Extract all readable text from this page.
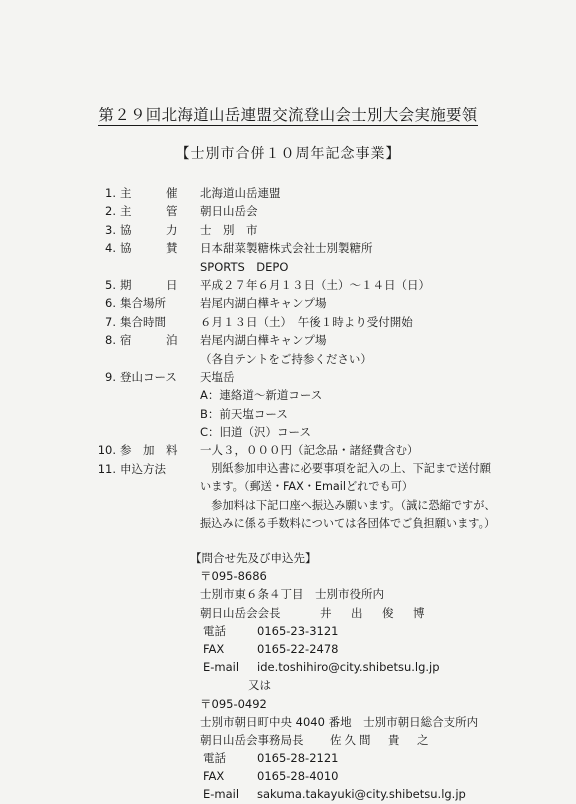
第２９回北海道山岳連盟交流登山会士別大会実施要領
【士別市合併１０周年記念事業】
1. 主　　　催	北海道山岳連盟
2. 主　　　管	朝日山岳会
3. 協　　　力	士　別　市
4. 協　　　賛	日本甜菜製糖株式会社士別製糖所
SPORTS　DEPO
5. 期　　　日	平成２７年６月１３日（土）～１４日（日）
6. 集合場所	岩尾内湖白樺キャンプ場
7. 集合時間	６月１３日（土）　午後１時より受付開始
8. 宿　　　泊	岩尾内湖白樺キャンプ場
（各自テントをご持参ください）
9. 登山コース	天塩岳
A：連絡道～新道コース
B：前天塩コース
C：旧道（沢）コース
10. 参　加　料	一人３，０００円（記念品・諸経費含む）
11. 申込方法	　別紙参加申込書に必要事項を記入の上、下記まで送付願
います。（郵送・FAX・Emailどれでも可）
　参加料は下記口座へ振込み願います。（誠に恐縮ですが、
振込みに係る手数料については各団体でご負担願います。）
【問合せ先及び申込先】
〒095-8686
士別市東６条４丁目　士別市役所内
朝日山岳会会長	井　出　俊　博
電話	0165-23-3121
FAX	0165-22-2478
E-mail	ide.toshihiro@city.shibetsu.lg.jp
又は
〒095-0492
士別市朝日町中央 4040 番地　士別市朝日総合支所内
朝日山岳会事務局長 佐久間　貴　之
電話	0165-28-2121
FAX	0165-28-4010
E-mail	sakuma.takayuki@city.shibetsu.lg.jp
